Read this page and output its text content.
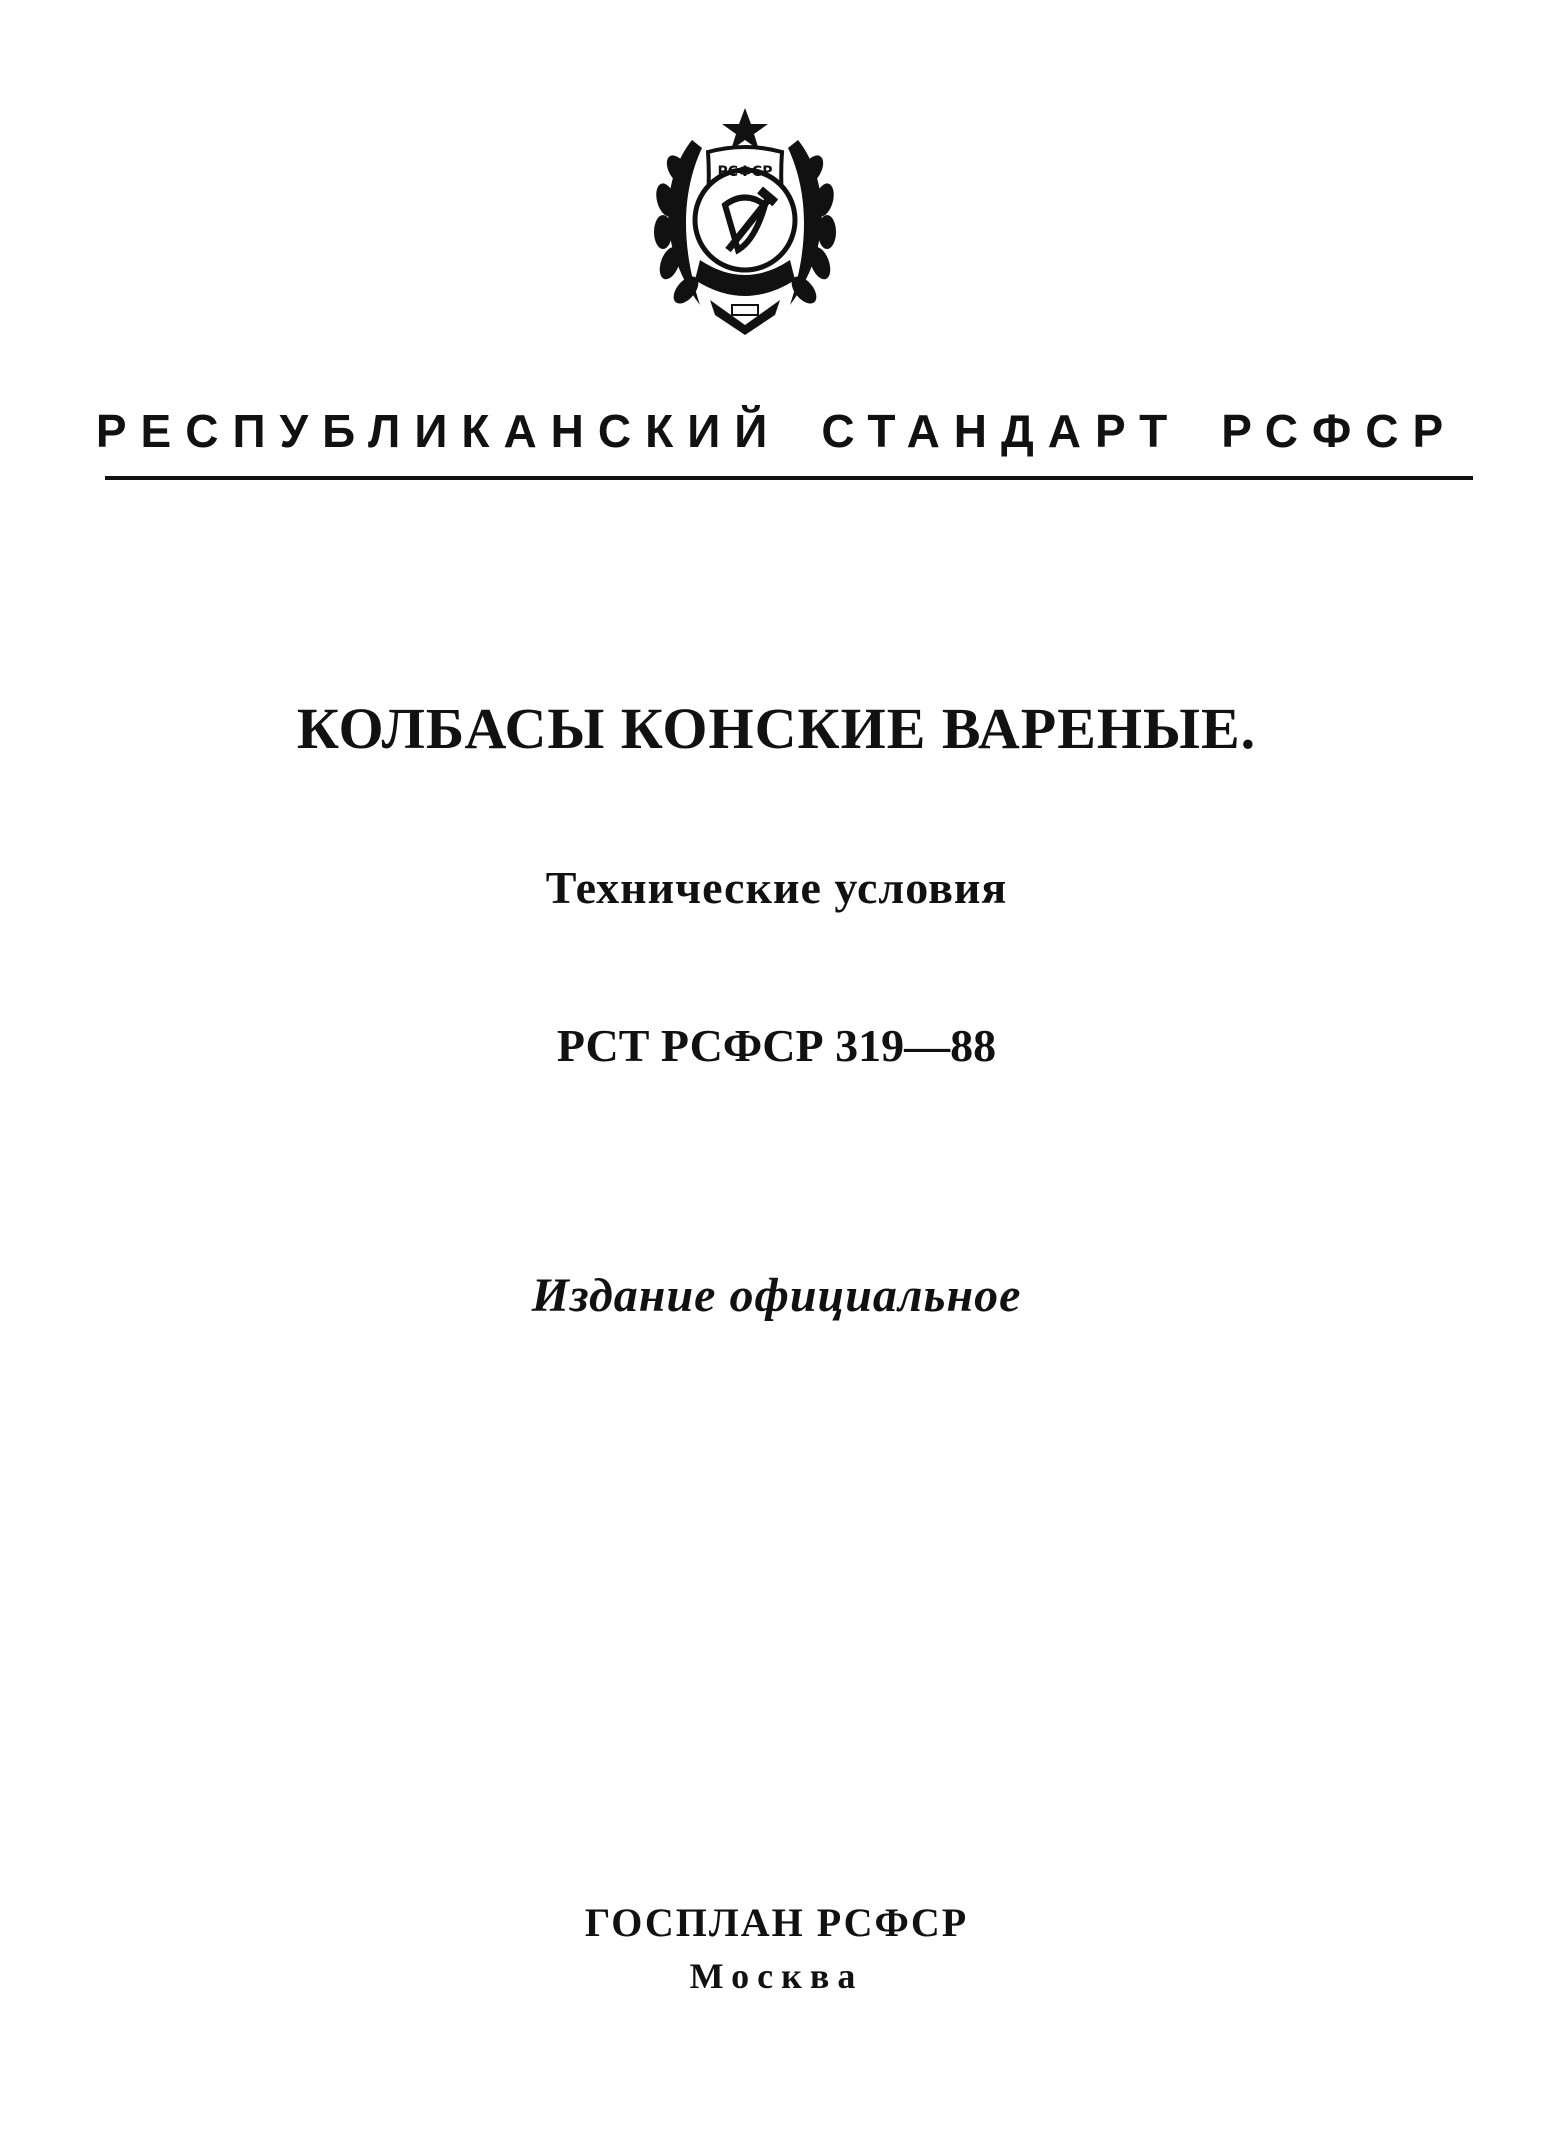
РСФСР
РЕСПУБЛИКАНСКИЙ СТАНДАРТ РСФСР
КОЛБАСЫ КОНСКИЕ ВАРЕНЫЕ.
Технические условия
РСТ РСФСР 319—88
Издание официальное
ГОСПЛАН РСФСР
Москва
